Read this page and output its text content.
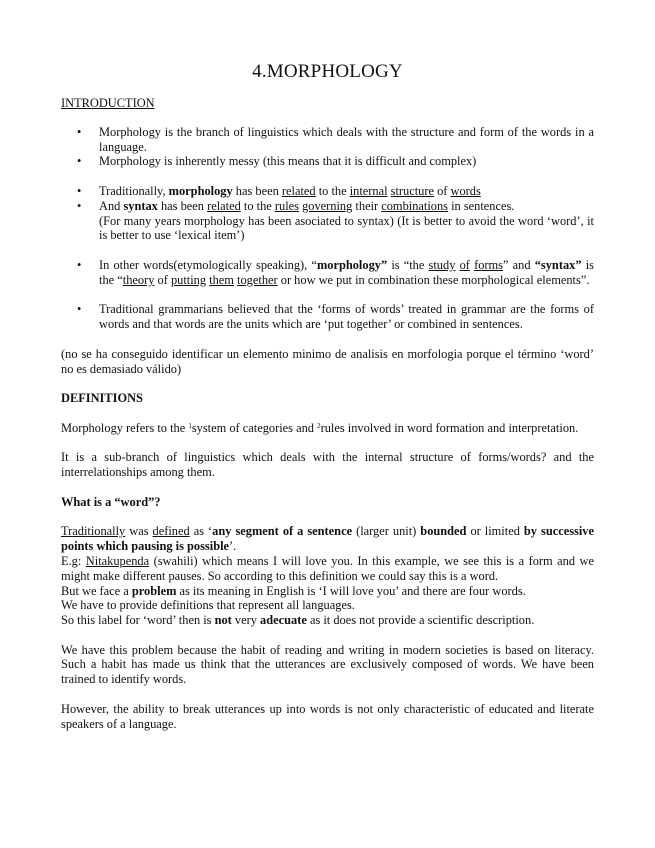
4.MORPHOLOGY
INTRODUCTION
• Morphology is the branch of linguistics which deals with the structure and form of the words in a language.
• Morphology is inherently messy (this means that it is difficult and complex)
• Traditionally, morphology has been related to the internal structure of words
• And syntax has been related to the rules governing their combinations in sentences.
(For many years morphology has been asociated to syntax) (It is better to avoid the word ‘word’, it is better to use ‘lexical item’)
• In other words(etymologically speaking), “morphology” is “the study of forms” and “syntax” is the “theory of putting them together or how we put in combination these morphological elements”.
• Traditional grammarians believed that the ‘forms of words’ treated in grammar are the forms of words and that words are the units which are ‘put together’ or combined in sentences.

(no se ha conseguido identificar un elemento minimo de analisis en morfologia porque el término ‘word’ no es demasiado válido)

DEFINITIONS

Morphology refers to the $^1$system of categories and $^2$rules involved in word formation and interpretation.

It is a sub-branch of linguistics which deals with the internal structure of forms/words? and the interrelationships among them.

What is a “word”?

Traditionally was defined as ‘any segment of a sentence (larger unit) bounded or limited by successive points which pausing is possible’.

E.g: Nitakupenda (swahili) which means I will love you. In this example, we see this is a form and we might make different pauses. So according to this definition we could say this is a word.

But we face a problem as its meaning in English is ‘I will love you’ and there are four words.

We have to provide definitions that represent all languages.

So this label for ‘word’ then is not very adecuate as it does not provide a scientific description.

We have this problem because the habit of reading and writing in modern societies is based on literacy. Such a habit has made us think that the utterances are exclusively composed of words. We have been trained to identify words.

However, the ability to break utterances up into words is not only characteristic of educated and literate speakers of a language.
